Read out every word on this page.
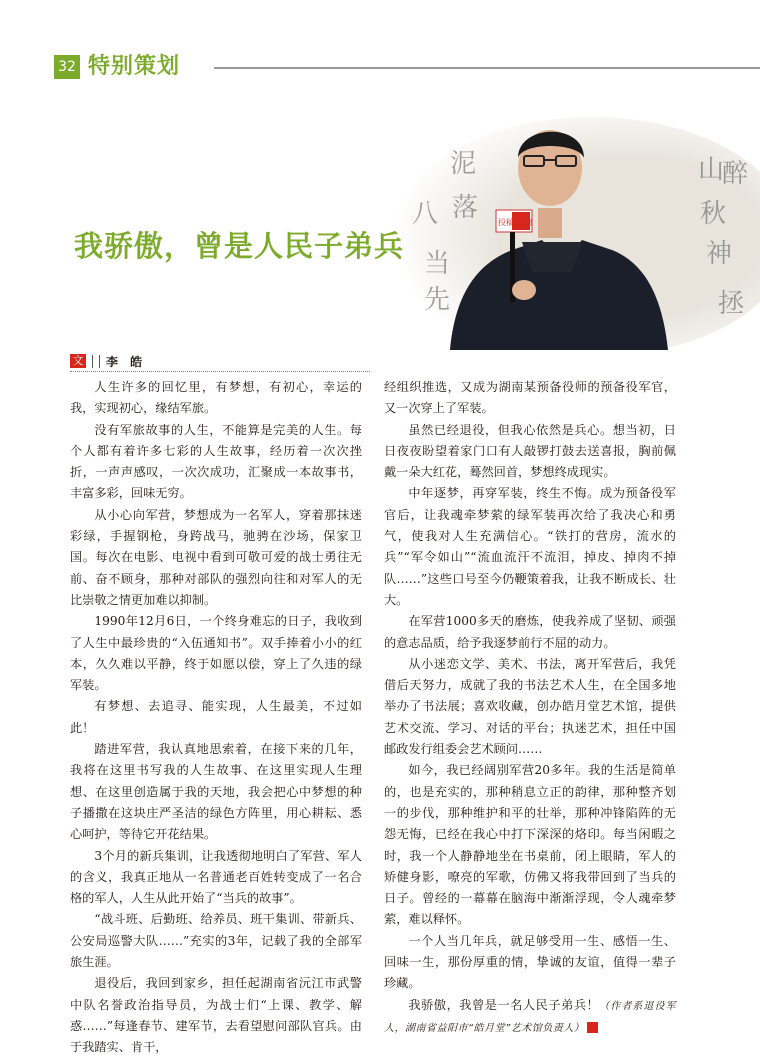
32 特别策划
泥
落
八
当
先
山
醉
秋
神
拯
投稿 视窗
我骄傲，曾是人民子弟兵
文 李 皓

人生许多的回忆里，有梦想，有初心，幸运的我，实现初心，缘结军旅。

没有军旅故事的人生，不能算是完美的人生。每个人都有着许多七彩的人生故事，经历着一次次挫折，一声声感叹，一次次成功，汇聚成一本故事书，丰富多彩，回味无穷。

从小心向军营，梦想成为一名军人，穿着那抹迷彩绿，手握钢枪，身跨战马，驰骋在沙场，保家卫国。每次在电影、电视中看到可敬可爱的战士勇往无前、奋不顾身，那种对部队的强烈向往和对军人的无比崇敬之情更加难以抑制。

1990年12月6日，一个终身难忘的日子，我收到了人生中最珍贵的“入伍通知书”。双手捧着小小的红本，久久难以平静，终于如愿以偿，穿上了久违的绿军装。

有梦想、去追寻、能实现，人生最美，不过如此！

踏进军营，我认真地思索着，在接下来的几年，我将在这里书写我的人生故事、在这里实现人生理想、在这里创造属于我的天地，我会把心中梦想的种子播撒在这块庄严圣洁的绿色方阵里，用心耕耘、悉心呵护，等待它开花结果。

3个月的新兵集训，让我透彻地明白了军营、军人的含义，我真正地从一名普通老百姓转变成了一名合格的军人，人生从此开始了“当兵的故事”。

“战斗班、后勤班、给养员、班干集训、带新兵、公安局巡警大队……”充实的3年，记载了我的全部军旅生涯。

退役后，我回到家乡，担任起湖南省沅江市武警中队名誉政治指导员，为战士们“上课、教学、解惑……”每逢春节、建军节，去看望慰问部队官兵。由于我踏实、肯干，

经组织推选，又成为湖南某预备役师的预备役军官，又一次穿上了军装。

虽然已经退役，但我心依然是兵心。想当初，日日夜夜盼望着家门口有人敲锣打鼓去送喜报，胸前佩戴一朵大红花，蓦然回首，梦想终成现实。

中年逐梦，再穿军装，终生不悔。成为预备役军官后，让我魂牵梦萦的绿军装再次给了我决心和勇气，使我对人生充满信心。“铁打的营房，流水的兵”“军令如山”“流血流汗不流泪，掉皮、掉肉不掉队……”这些口号至今仍鞭策着我，让我不断成长、壮大。

在军营1000多天的磨炼，使我养成了坚韧、顽强的意志品质，给予我逐梦前行不屈的动力。

从小迷恋文学、美术、书法，离开军营后，我凭借后天努力，成就了我的书法艺术人生，在全国多地举办了书法展；喜欢收藏，创办皓月堂艺术馆，提供艺术交流、学习、对话的平台；执迷艺术，担任中国邮政发行组委会艺术顾问……

如今，我已经阔别军营20多年。我的生活是简单的，也是充实的，那种稍息立正的韵律，那种整齐划一的步伐，那种维护和平的壮举，那种冲锋陷阵的无怨无悔，已经在我心中打下深深的烙印。每当闲暇之时，我一个人静静地坐在书桌前，闭上眼睛，军人的矫健身影，嘹亮的军歌，仿佛又将我带回到了当兵的日子。曾经的一幕幕在脑海中渐渐浮现，令人魂牵梦萦，难以释怀。

一个人当几年兵，就足够受用一生、感悟一生、回味一生，那份厚重的情，挚诚的友谊，值得一辈子珍藏。

我骄傲，我曾是一名人民子弟兵！（作者系退役军人，湖南省益阳市“皓月堂”艺术馆负责人）	G
